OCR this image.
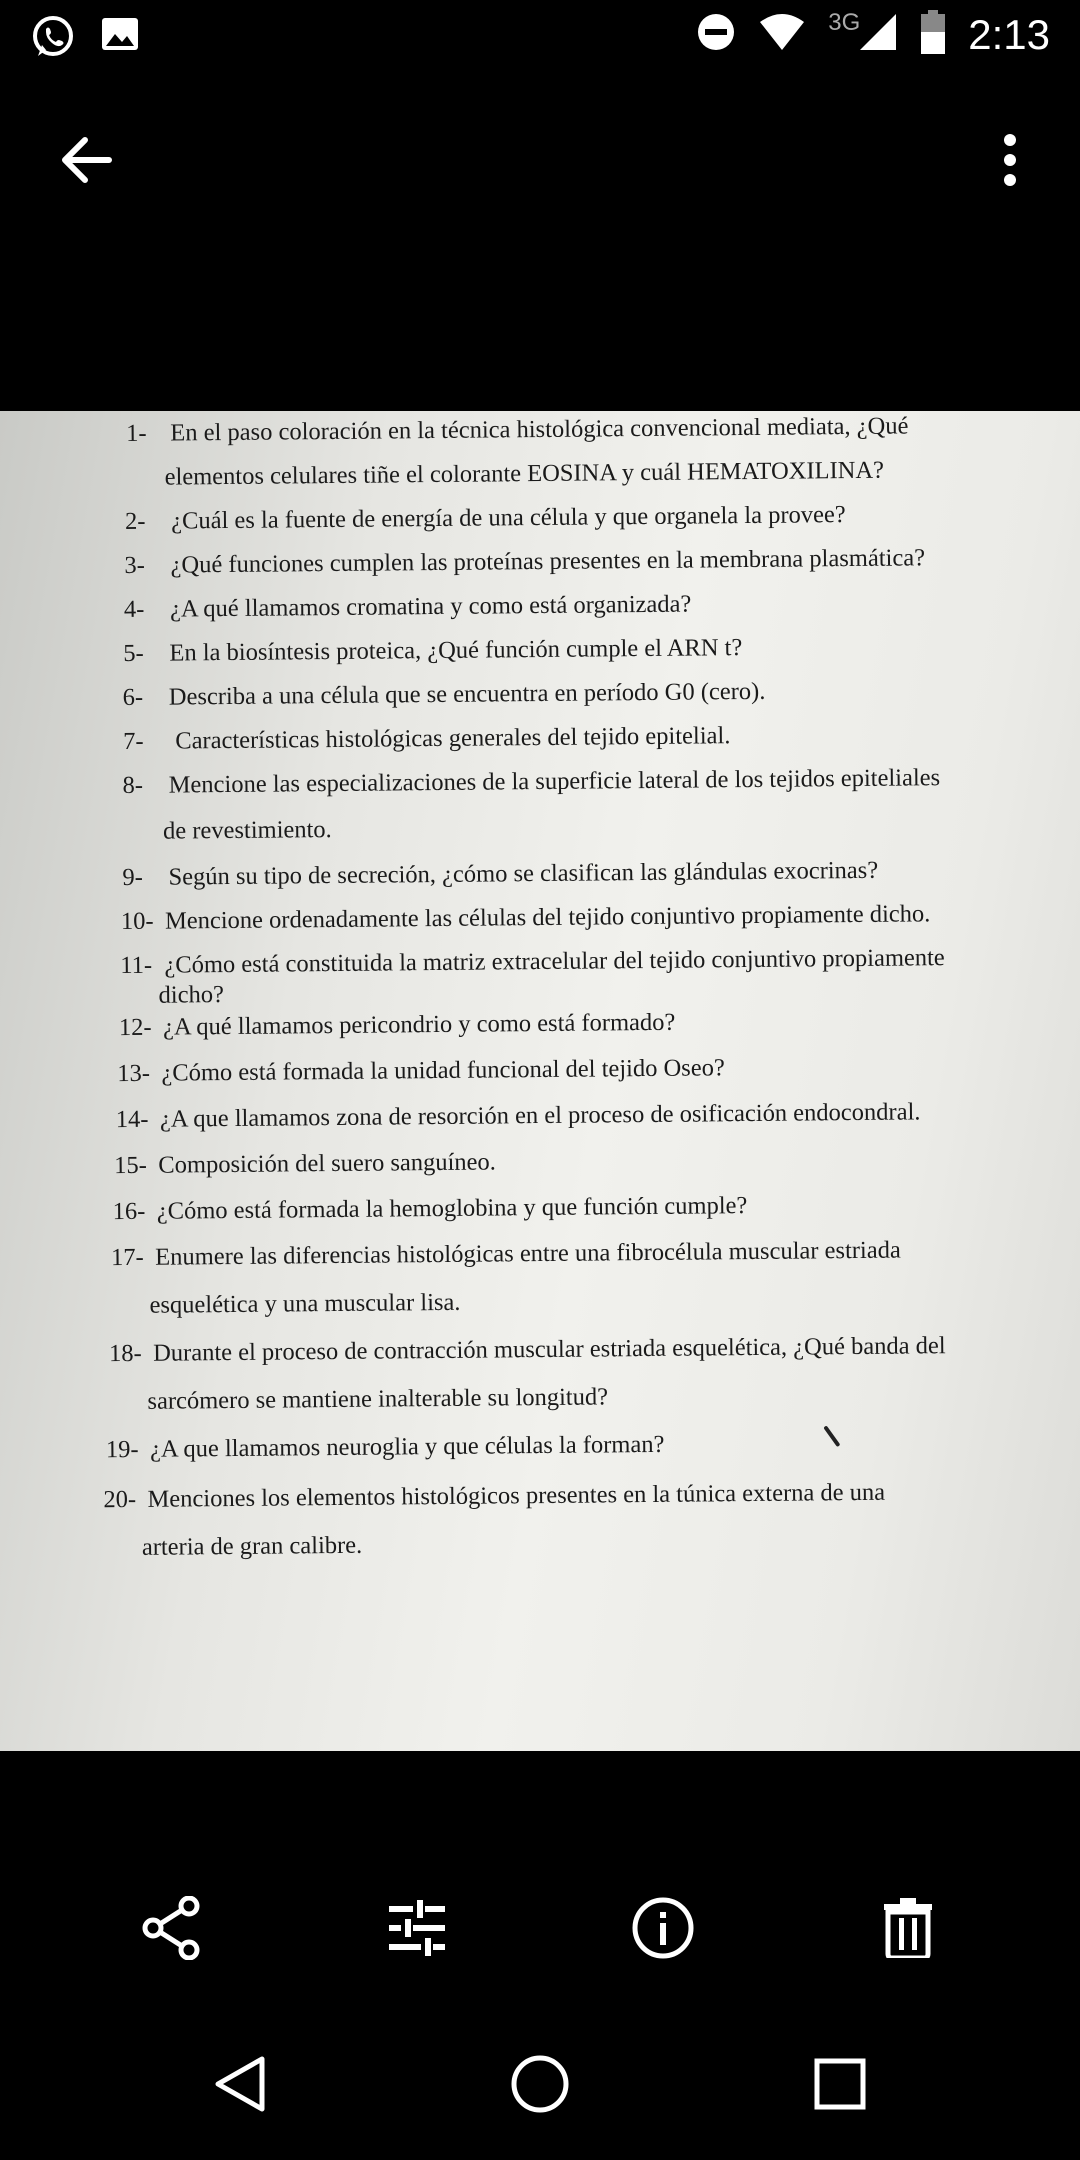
3G	2:13
1- En el paso coloración en la técnica histológica convencional mediata, ¿Qué
elementos celulares tiñe el colorante EOSINA y cuál HEMATOXILINA?
2- ¿Cuál es la fuente de energía de una célula y que organela la provee?
3- ¿Qué funciones cumplen las proteínas presentes en la membrana plasmática?
4- ¿A qué llamamos cromatina y como está organizada?
5- En la biosíntesis proteica, ¿Qué función cumple el ARN t?
6- Describa a una célula que se encuentra en período G0 (cero).
7- Características histológicas generales del tejido epitelial.
8- Mencione las especializaciones de la superficie lateral de los tejidos epiteliales
de revestimiento.
9- Según su tipo de secreción, ¿cómo se clasifican las glándulas exocrinas?
10- Mencione ordenadamente las células del tejido conjuntivo propiamente dicho.
11- ¿Cómo está constituida la matriz extracelular del tejido conjuntivo propiamente
dicho?
12- ¿A qué llamamos pericondrio y como está formado?
13- ¿Cómo está formada la unidad funcional del tejido Oseo?
14- ¿A que llamamos zona de resorción en el proceso de osificación endocondral.
15- Composición del suero sanguíneo.
16- ¿Cómo está formada la hemoglobina y que función cumple?
17- Enumere las diferencias histológicas entre una fibrocélula muscular estriada
esquelética y una muscular lisa.
18- Durante el proceso de contracción muscular estriada esquelética, ¿Qué banda del
sarcómero se mantiene inalterable su longitud?
19- ¿A que llamamos neuroglia y que células la forman?
20- Menciones los elementos histológicos presentes en la túnica externa de una
arteria de gran calibre.
